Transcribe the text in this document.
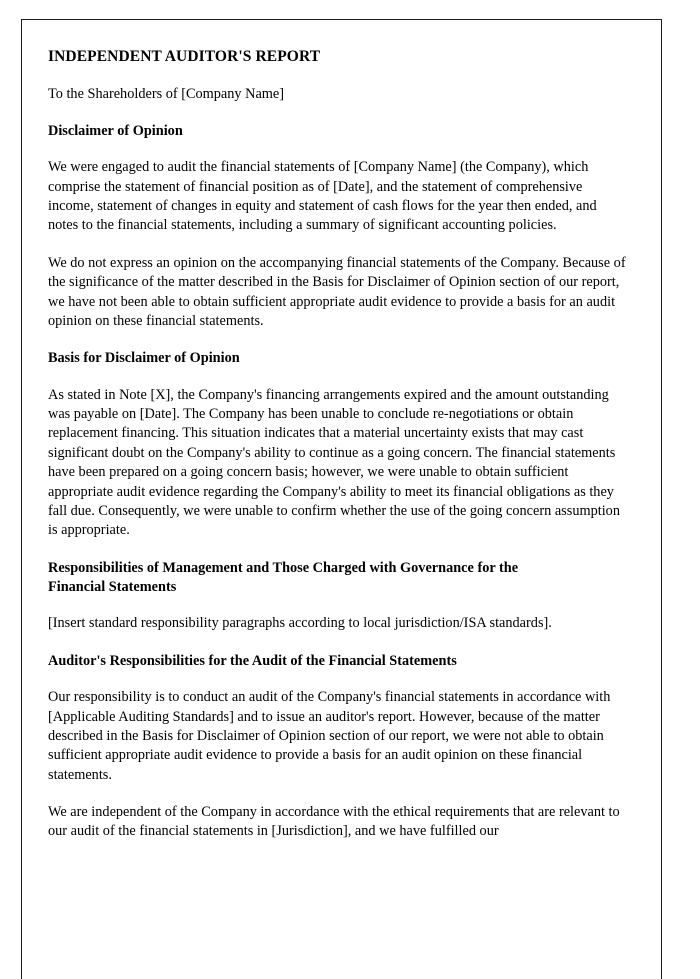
INDEPENDENT AUDITOR'S REPORT

To the Shareholders of [Company Name]

Disclaimer of Opinion

We were engaged to audit the financial statements of [Company Name] (the Company), which comprise the statement of financial position as of [Date], and the statement of comprehensive income, statement of changes in equity and statement of cash flows for the year then ended, and notes to the financial statements, including a summary of significant accounting policies.

We do not express an opinion on the accompanying financial statements of the Company. Because of the significance of the matter described in the Basis for Disclaimer of Opinion section of our report, we have not been able to obtain sufficient appropriate audit evidence to provide a basis for an audit opinion on these financial statements.

Basis for Disclaimer of Opinion

As stated in Note [X], the Company's financing arrangements expired and the amount outstanding was payable on [Date]. The Company has been unable to conclude re-negotiations or obtain replacement financing. This situation indicates that a material uncertainty exists that may cast significant doubt on the Company's ability to continue as a going concern. The financial statements have been prepared on a going concern basis; however, we were unable to obtain sufficient appropriate audit evidence regarding the Company's ability to meet its financial obligations as they fall due. Consequently, we were unable to confirm whether the use of the going concern assumption is appropriate.

Responsibilities of Management and Those Charged with Governance for the Financial Statements

[Insert standard responsibility paragraphs according to local jurisdiction/ISA standards].

Auditor's Responsibilities for the Audit of the Financial Statements

Our responsibility is to conduct an audit of the Company's financial statements in accordance with [Applicable Auditing Standards] and to issue an auditor's report. However, because of the matter described in the Basis for Disclaimer of Opinion section of our report, we were not able to obtain sufficient appropriate audit evidence to provide a basis for an audit opinion on these financial statements.

We are independent of the Company in accordance with the ethical requirements that are relevant to our audit of the financial statements in [Jurisdiction], and we have fulfilled our
